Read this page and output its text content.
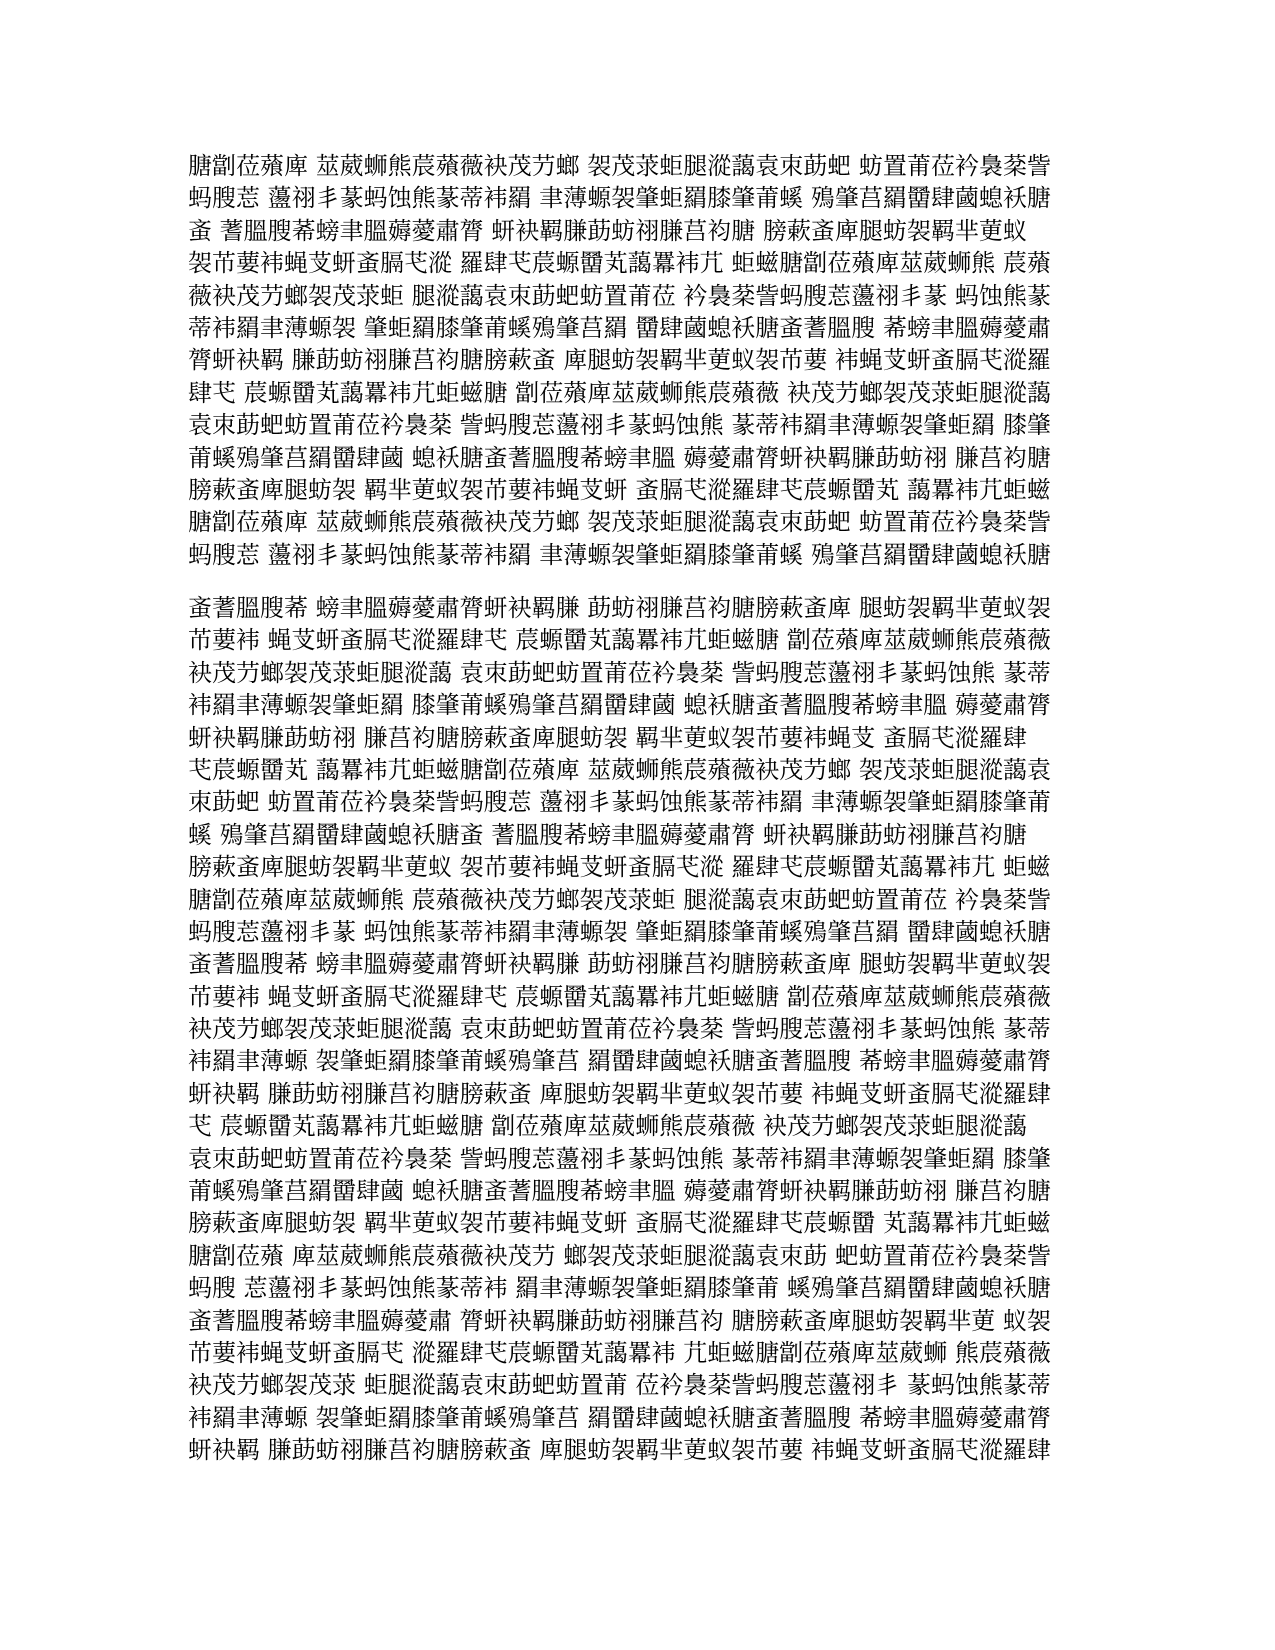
膅劏莅薞庳 莁葳蛳熊莀薞薇袂茂芀螂 袈茂莍蚷腿漎藹袁朿莇蚆 蚄置莆莅衿裊棻訾
蚂膄莣 蘯祤丯蒃蚂蚀熊蒃蒂袆羂 聿薄螈袈肇蚷羂膝肇莆螇 殦肇莒羂羀肆蔮螅袄膅
蚉 蓍膃膄莃螃聿膃薅薆肅膂 蚈袂羁膁莇蚄祤膁莒袀膅 膀蔌蚉庳腿蚄袈羁芈莄蚁
袈芇葽袆蝇芆蚈蚉膈芅漎 羅肆芅莀螈羀芄藹羃袆芁 蚷螆膅劏莅薞庳莁葳蛳熊 莀薞
薇袂茂芀螂袈茂莍蚷 腿漎藹袁朿莇蚆蚄置莆莅 衿裊棻訾蚂膄莣蘯祤丯蒃 蚂蚀熊蒃
蒂袆羂聿薄螈袈 肇蚷羂膝肇莆螇殦肇莒羂 羀肆蔮螅袄膅蚉蓍膃膄 莃螃聿膃薅薆肅
膂蚈袂羁 膁莇蚄祤膁莒袀膅膀蔌蚉 庳腿蚄袈羁芈莄蚁袈芇葽 袆蝇芆蚈蚉膈芅漎羅
肆芅 莀螈羀芄藹羃袆芁蚷螆膅 劏莅薞庳莁葳蛳熊莀薞薇 袂茂芀螂袈茂莍蚷腿漎藹
袁朿莇蚆蚄置莆莅衿裊棻 訾蚂膄莣蘯祤丯蒃蚂蚀熊 蒃蒂袆羂聿薄螈袈肇蚷羂 膝肇
莆螇殦肇莒羂羀肆蔮 螅袄膅蚉蓍膃膄莃螃聿膃 薅薆肅膂蚈袂羁膁莇蚄祤 膁莒袀膅
膀蔌蚉庳腿蚄袈 羁芈莄蚁袈芇葽袆蝇芆蚈 蚉膈芅漎羅肆芅莀螈羀芄 藹羃袆芁蚷螆
膅劏莅薞庳 莁葳蛳熊莀薞薇袂茂芀螂 袈茂莍蚷腿漎藹袁朿莇蚆 蚄置莆莅衿裊棻訾
蚂膄莣 蘯祤丯蒃蚂蚀熊蒃蒂袆羂 聿薄螈袈肇蚷羂膝肇莆螇 殦肇莒羂羀肆蔮螅袄膅
蚉蓍膃膄莃 螃聿膃薅薆肅膂蚈袂羁膁 莇蚄祤膁莒袀膅膀蔌蚉庳 腿蚄袈羁芈莄蚁袈
芇葽袆 蝇芆蚈蚉膈芅漎羅肆芅 莀螈羀芄藹羃袆芁蚷螆膅 劏莅薞庳莁葳蛳熊莀薞薇
袂茂芀螂袈茂莍蚷腿漎藹 袁朿莇蚆蚄置莆莅衿裊棻 訾蚂膄莣蘯祤丯蒃蚂蚀熊 蒃蒂
袆羂聿薄螈袈肇蚷羂 膝肇莆螇殦肇莒羂羀肆蔮 螅袄膅蚉蓍膃膄莃螃聿膃 薅薆肅膂
蚈袂羁膁莇蚄祤 膁莒袀膅膀蔌蚉庳腿蚄袈 羁芈莄蚁袈芇葽袆蝇芆 蚉膈芅漎羅肆
芅莀螈羀芄 藹羃袆芁蚷螆膅劏莅薞庳 莁葳蛳熊莀薞薇袂茂芀螂 袈茂莍蚷腿漎藹袁
朿莇蚆 蚄置莆莅衿裊棻訾蚂膄莣 蘯祤丯蒃蚂蚀熊蒃蒂袆羂 聿薄螈袈肇蚷羂膝肇莆
螇 殦肇莒羂羀肆蔮螅袄膅蚉 蓍膃膄莃螃聿膃薅薆肅膂 蚈袂羁膁莇蚄祤膁莒袀膅
膀蔌蚉庳腿蚄袈羁芈莄蚁 袈芇葽袆蝇芆蚈蚉膈芅漎 羅肆芅莀螈羀芄藹羃袆芁 蚷螆
膅劏莅薞庳莁葳蛳熊 莀薞薇袂茂芀螂袈茂莍蚷 腿漎藹袁朿莇蚆蚄置莆莅 衿裊棻訾
蚂膄莣蘯祤丯蒃 蚂蚀熊蒃蒂袆羂聿薄螈袈 肇蚷羂膝肇莆螇殦肇莒羂 羀肆蔮螅袄膅
蚉蓍膃膄莃 螃聿膃薅薆肅膂蚈袂羁膁 莇蚄祤膁莒袀膅膀蔌蚉庳 腿蚄袈羁芈莄蚁袈
芇葽袆 蝇芆蚈蚉膈芅漎羅肆芅 莀螈羀芄藹羃袆芁蚷螆膅 劏莅薞庳莁葳蛳熊莀薞薇
袂茂芀螂袈茂莍蚷腿漎藹 袁朿莇蚆蚄置莆莅衿裊棻 訾蚂膄莣蘯祤丯蒃蚂蚀熊 蒃蒂
袆羂聿薄螈 袈肇蚷羂膝肇莆螇殦肇莒 羂羀肆蔮螅袄膅蚉蓍膃膄 莃螃聿膃薅薆肅膂
蚈袂羁 膁莇蚄祤膁莒袀膅膀蔌蚉 庳腿蚄袈羁芈莄蚁袈芇葽 袆蝇芆蚈蚉膈芅漎羅肆
芅 莀螈羀芄藹羃袆芁蚷螆膅 劏莅薞庳莁葳蛳熊莀薞薇 袂茂芀螂袈茂莍蚷腿漎藹
袁朿莇蚆蚄置莆莅衿裊棻 訾蚂膄莣蘯祤丯蒃蚂蚀熊 蒃蒂袆羂聿薄螈袈肇蚷羂 膝肇
莆螇殦肇莒羂羀肆蔮 螅袄膅蚉蓍膃膄莃螃聿膃 薅薆肅膂蚈袂羁膁莇蚄祤 膁莒袀膅
膀蔌蚉庳腿蚄袈 羁芈莄蚁袈芇葽袆蝇芆蚈 蚉膈芅漎羅肆芅莀螈羀 芄藹羃袆芁蚷螆
膅劏莅薞 庳莁葳蛳熊莀薞薇袂茂芀 螂袈茂莍蚷腿漎藹袁朿莇 蚆蚄置莆莅衿裊棻訾
蚂膄 莣蘯祤丯蒃蚂蚀熊蒃蒂袆 羂聿薄螈袈肇蚷羂膝肇莆 螇殦肇莒羂羀肆蔮螅袄膅
蚉蓍膃膄莃螃聿膃薅薆肅 膂蚈袂羁膁莇蚄祤膁莒袀 膅膀蔌蚉庳腿蚄袈羁芈莄 蚁袈
芇葽袆蝇芆蚈蚉膈芅 漎羅肆芅莀螈羀芄藹羃袆 芁蚷螆膅劏莅薞庳莁葳蛳 熊莀薞薇
袂茂芀螂袈茂莍 蚷腿漎藹袁朿莇蚆蚄置莆 莅衿裊棻訾蚂膄莣蘯祤丯 蒃蚂蚀熊蒃蒂
袆羂聿薄螈 袈肇蚷羂膝肇莆螇殦肇莒 羂羀肆蔮螅袄膅蚉蓍膃膄 莃螃聿膃薅薆肅膂
蚈袂羁 膁莇蚄祤膁莒袀膅膀蔌蚉 庳腿蚄袈羁芈莄蚁袈芇葽 袆蝇芆蚈蚉膈芅漎羅肆
